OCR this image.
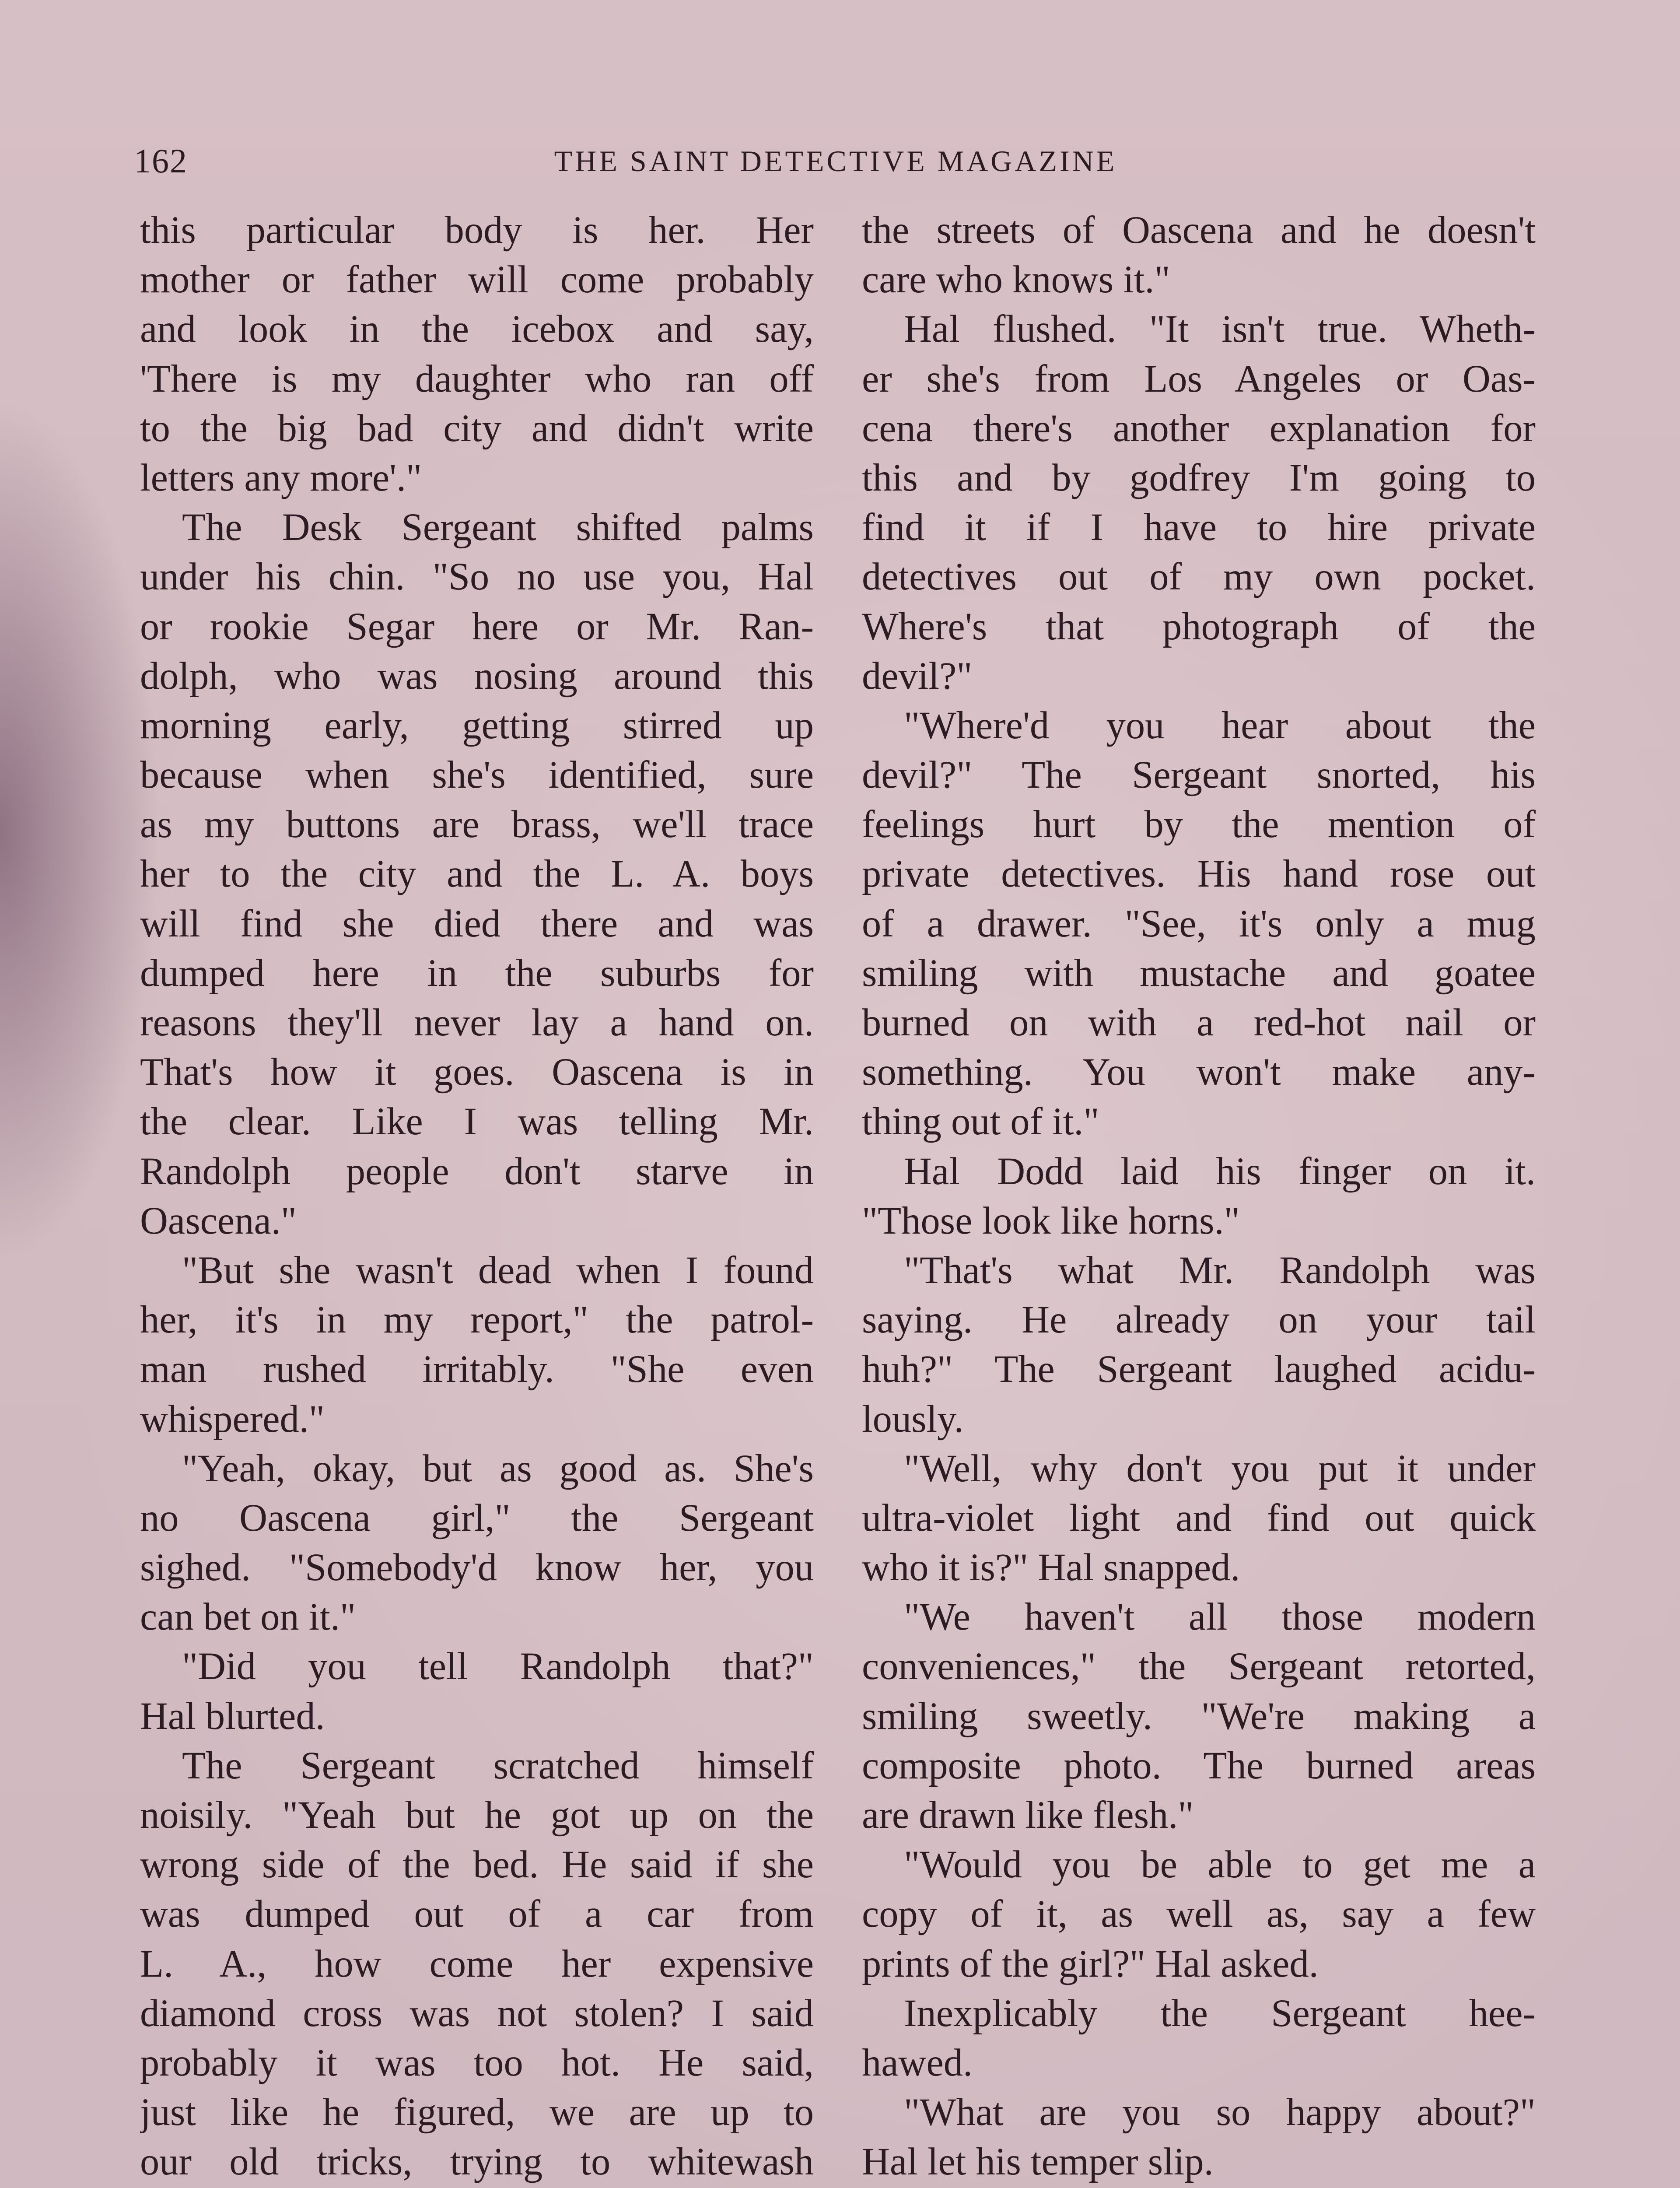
162	THE SAINT DETECTIVE MAGAZINE
this particular body is her. Her
mother or father will come probably
and look in the icebox and say,
'There is my daughter who ran off
to the big bad city and didn't write
letters any more'."
The Desk Sergeant shifted palms
under his chin. "So no use you, Hal
or rookie Segar here or Mr. Ran-
dolph, who was nosing around this
morning early, getting stirred up
because when she's identified, sure
as my buttons are brass, we'll trace
her to the city and the L. A. boys
will find she died there and was
dumped here in the suburbs for
reasons they'll never lay a hand on.
That's how it goes. Oascena is in
the clear. Like I was telling Mr.
Randolph people don't starve in
Oascena."
"But she wasn't dead when I found
her, it's in my report," the patrol-
man rushed irritably. "She even
whispered."
"Yeah, okay, but as good as. She's
no Oascena girl," the Sergeant
sighed. "Somebody'd know her, you
can bet on it."
"Did you tell Randolph that?"
Hal blurted.
The Sergeant scratched himself
noisily. "Yeah but he got up on the
wrong side of the bed. He said if she
was dumped out of a car from
L. A., how come her expensive
diamond cross was not stolen? I said
probably it was too hot. He said,
just like he figured, we are up to
our old tricks, trying to whitewash
the streets of Oascena and he doesn't
care who knows it."
Hal flushed. "It isn't true. Wheth-
er she's from Los Angeles or Oas-
cena there's another explanation for
this and by godfrey I'm going to
find it if I have to hire private
detectives out of my own pocket.
Where's that photograph of the
devil?"
"Where'd you hear about the
devil?" The Sergeant snorted, his
feelings hurt by the mention of
private detectives. His hand rose out
of a drawer. "See, it's only a mug
smiling with mustache and goatee
burned on with a red-hot nail or
something. You won't make any-
thing out of it."
Hal Dodd laid his finger on it.
"Those look like horns."
"That's what Mr. Randolph was
saying. He already on your tail
huh?" The Sergeant laughed acidu-
lously.
"Well, why don't you put it under
ultra-violet light and find out quick
who it is?" Hal snapped.
"We haven't all those modern
conveniences," the Sergeant retorted,
smiling sweetly. "We're making a
composite photo. The burned areas
are drawn like flesh."
"Would you be able to get me a
copy of it, as well as, say a few
prints of the girl?" Hal asked.
Inexplicably the Sergeant hee-
hawed.
"What are you so happy about?"
Hal let his temper slip.
